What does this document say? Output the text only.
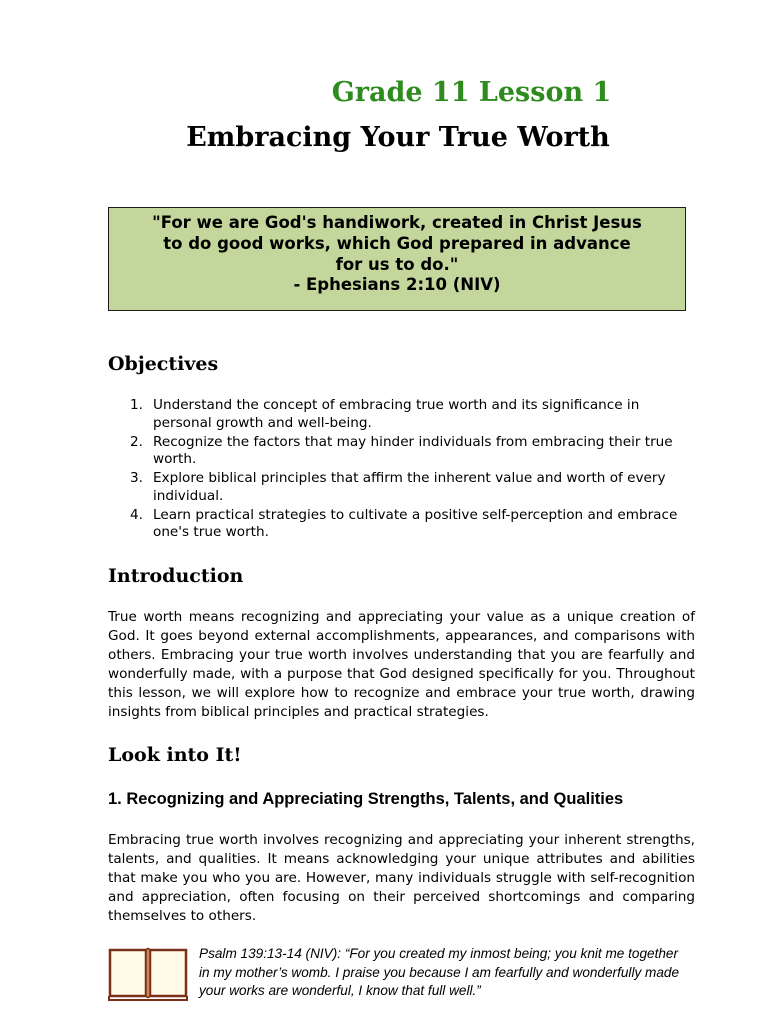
Grade 11 Lesson 1
Embracing Your True Worth
"For we are God's handiwork, created in Christ Jesus
to do good works, which God prepared in advance
for us to do."
- Ephesians 2:10 (NIV)
Objectives
1. Understand the concept of embracing true worth and its significance in personal growth and well-being.
2. Recognize the factors that may hinder individuals from embracing their true worth.
3. Explore biblical principles that affirm the inherent value and worth of every individual.
4. Learn practical strategies to cultivate a positive self-perception and embrace one's true worth.
Introduction

True worth means recognizing and appreciating your value as a unique creation of God. It goes beyond external accomplishments, appearances, and comparisons with others. Embracing your true worth involves understanding that you are fearfully and wonderfully made, with a purpose that God designed specifically for you. Throughout this lesson, we will explore how to recognize and embrace your true worth, drawing insights from biblical principles and practical strategies.

Look into It!
1. Recognizing and Appreciating Strengths, Talents, and Qualities

Embracing true worth involves recognizing and appreciating your inherent strengths, talents, and qualities. It means acknowledging your unique attributes and abilities that make you who you are. However, many individuals struggle with self-recognition and appreciation, often focusing on their perceived shortcomings and comparing themselves to others.

Psalm 139:13-14 (NIV): “For you created my inmost being; you knit me together
in my mother’s womb. I praise you because I am fearfully and wonderfully made
your works are wonderful, I know that full well.”
